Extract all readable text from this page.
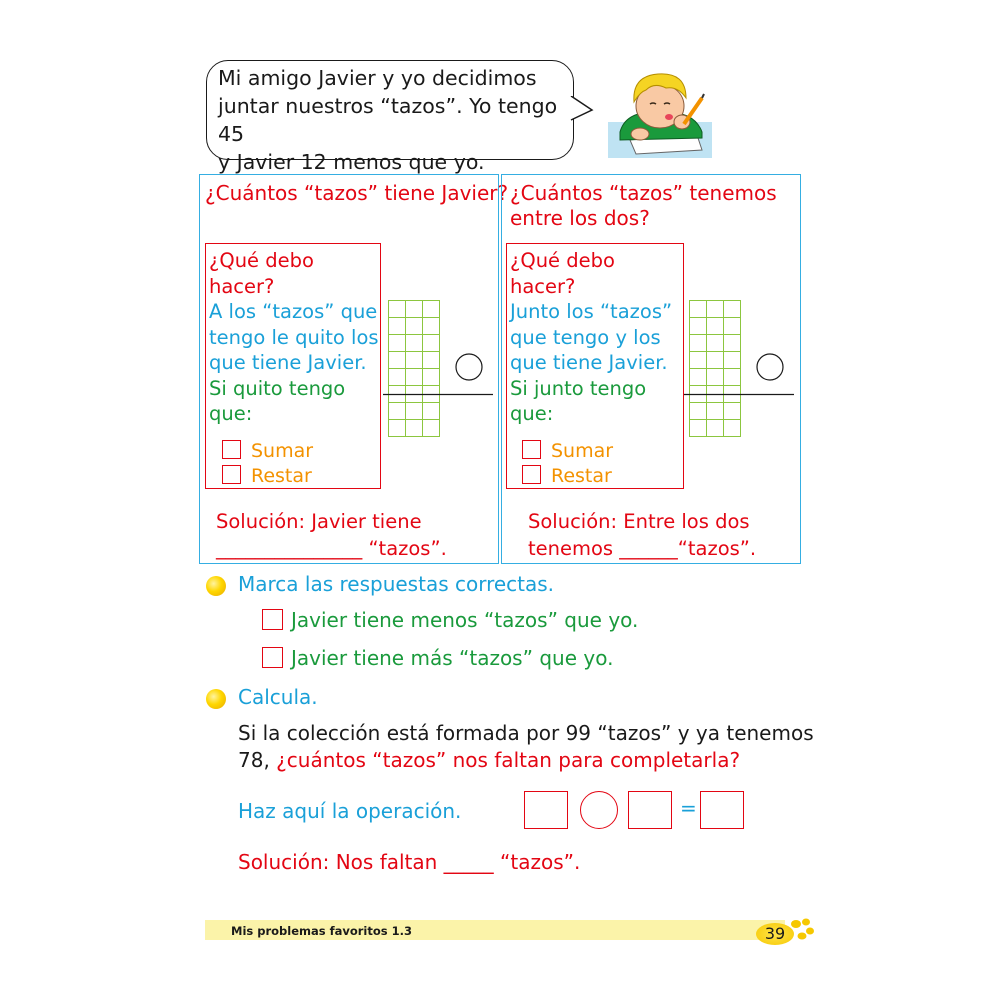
Mi amigo Javier y yo decidimos
juntar nuestros “tazos”. Yo tengo 45
y Javier 12 menos que yo.
¿Cuántos “tazos” tiene Javier?
¿Qué debo
hacer?
A los “tazos” que
tengo le quito los
que tiene Javier.
Si quito tengo
que:
Sumar
Restar
Solución: Javier tiene
_______________ “tazos”.
¿Cuántos “tazos” tenemos
entre los dos?
¿Qué debo
hacer?
Junto los “tazos”
que tengo y los
que tiene Javier.
Si junto tengo
que:
Sumar
Restar
Solución: Entre los dos
tenemos ______“tazos”.
Marca las respuestas correctas.
Javier tiene menos “tazos” que yo.
Javier tiene más “tazos” que yo.
Calcula.
Si la colección está formada por 99 “tazos” y ya tenemos
78, ¿cuántos “tazos” nos faltan para completarla?
Haz aquí la operación.	=
Solución: Nos faltan _____ “tazos”.
Mis problemas favoritos 1.3	39
